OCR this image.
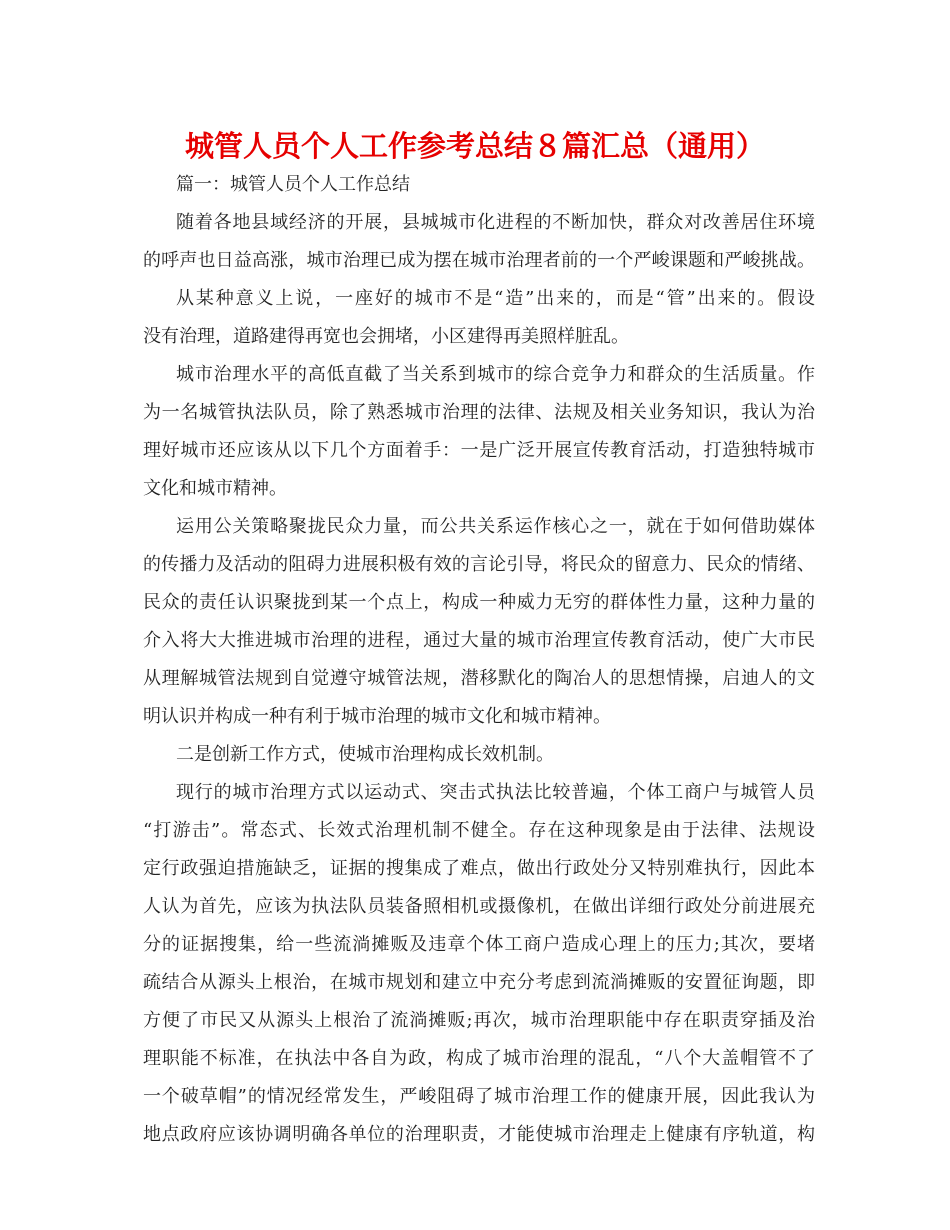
城管人员个人工作参考总结８篇汇总（通用）
篇一：城管人员个人工作总结
随着各地县域经济的开展，县城城市化进程的不断加快，群众对改善居住环境
的呼声也日益高涨，城市治理已成为摆在城市治理者前的一个严峻课题和严峻挑战。
从某种意义上说，一座好的城市不是“造”出来的，而是“管”出来的。假设
没有治理，道路建得再宽也会拥堵，小区建得再美照样脏乱。
城市治理水平的高低直截了当关系到城市的综合竞争力和群众的生活质量。作
为一名城管执法队员，除了熟悉城市治理的法律、法规及相关业务知识，我认为治
理好城市还应该从以下几个方面着手：一是广泛开展宣传教育活动，打造独特城市
文化和城市精神。
运用公关策略聚拢民众力量，而公共关系运作核心之一，就在于如何借助媒体
的传播力及活动的阻碍力进展积极有效的言论引导，将民众的留意力、民众的情绪、
民众的责任认识聚拢到某一个点上，构成一种威力无穷的群体性力量，这种力量的
介入将大大推进城市治理的进程，通过大量的城市治理宣传教育活动，使广大市民
从理解城管法规到自觉遵守城管法规，潜移默化的陶冶人的思想情操，启迪人的文
明认识并构成一种有利于城市治理的城市文化和城市精神。
二是创新工作方式，使城市治理构成长效机制。
现行的城市治理方式以运动式、突击式执法比较普遍，个体工商户与城管人员
“打游击”。常态式、长效式治理机制不健全。存在这种现象是由于法律、法规设
定行政强迫措施缺乏，证据的搜集成了难点，做出行政处分又特别难执行，因此本
人认为首先，应该为执法队员装备照相机或摄像机，在做出详细行政处分前进展充
分的证据搜集，给一些流淌摊贩及违章个体工商户造成心理上的压力;其次，要堵
疏结合从源头上根治，在城市规划和建立中充分考虑到流淌摊贩的安置征询题，即
方便了市民又从源头上根治了流淌摊贩;再次，城市治理职能中存在职责穿插及治
理职能不标准，在执法中各自为政，构成了城市治理的混乱，“八个大盖帽管不了
一个破草帽”的情况经常发生，严峻阻碍了城市治理工作的健康开展，因此我认为
地点政府应该协调明确各单位的治理职责，才能使城市治理走上健康有序轨道，构
